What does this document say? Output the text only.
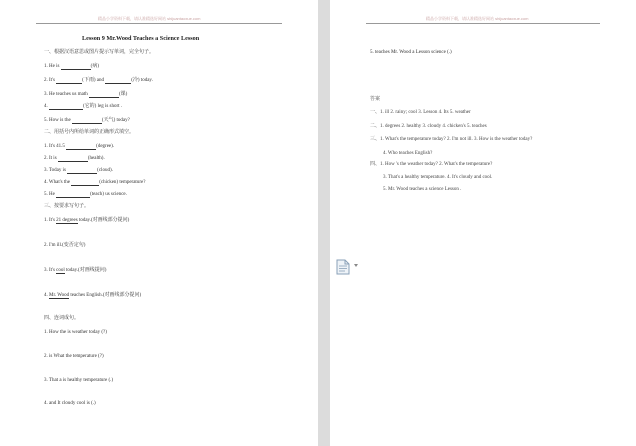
精品小学资料下载，请认准精选好网站 shijuantaoxue.com
Lesson 9 Mr.Wood Teaches a Science Lesson
一、根据汉语意思或图片提示写单词，完全句子。
1. He is	(病)
2. It's	(下雨) and	(冷) today.
3. He teaches us math	(课)
4.	(它的) leg is short .
5. How is the	(天气) today?
二、用括号内所给单词的正确形式填空。
1. It's 41.5	(degree).
2. It is	(health).
3. Today is	(cloud).
4. What's the	(chicken) temperature?
5. He	(teach) us science.
三、按要求写句子。
1. It's 21 degrees today.(对画线部分提问)
2. I'm ill.(变否定句)
3. It's cool today.(对画线提问)
4. Mr. Wood teaches English.(对画线部分提问)
四、连词成句。
1. How the is weather today (?)
2. is What the temperature (?)
3. That a is healthy temperature (.)
4. and It cloudy cool is (.)
精品小学资料下载，请认准精选好网站 shijuantaoxue.com
5. teaches Mr. Wood a Lesson science (.)
答案
一、1. ill 2. rainy; cool 3. Lesson 4. Its 5. weather
二、1. degrees 2. healthy 3. cloudy 4. chicken's 5. teaches
三、1. What's the temperature today? 2. I'm not ill. 3. How is the weather today?
4. Who teaches English?
四、1. How 's the weather today? 2. What's the temperature?
3. That's a healthy temperature. 4. It's cloudy and cool.
5. Mr. Wood teaches a science Lesson .
